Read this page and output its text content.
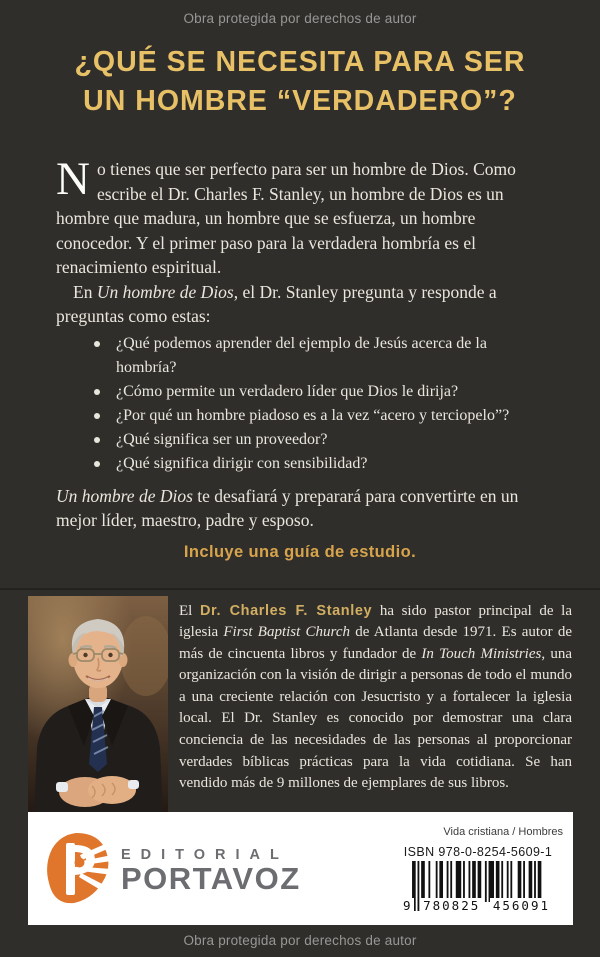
Obra protegida por derechos de autor
¿QUÉ SE NECESITA PARA SER
UN HOMBRE “VERDADERO”?

No tienes que ser perfecto para ser un hombre de Dios. Como escribe el Dr. Charles F. Stanley, un hombre de Dios es un hombre que madura, un hombre que se esfuerza, un hombre conocedor. Y el primer paso para la verdadera hombría es el renacimiento espiritual.

En Un hombre de Dios, el Dr. Stanley pregunta y responde a preguntas como estas:

¿Qué podemos aprender del ejemplo de Jesús acerca de la hombría?
¿Cómo permite un verdadero líder que Dios le dirija?
¿Por qué un hombre piadoso es a la vez “acero y terciopelo”?
¿Qué significa ser un proveedor?
¿Qué significa dirigir con sensibilidad?

Un hombre de Dios te desafiará y preparará para convertirte en un mejor líder, maestro, padre y esposo.

Incluye una guía de estudio.

El Dr. Charles F. Stanley ha sido pastor principal de la iglesia First Baptist Church de Atlanta desde 1971. Es autor de más de cincuenta libros y fundador de In Touch Ministries, una organización con la visión de dirigir a personas de todo el mundo a una creciente relación con Jesucristo y a fortalecer la iglesia local. El Dr. Stanley es conocido por demostrar una clara conciencia de las necesidades de las personas al proporcionar verdades bíblicas prácticas para la vida cotidiana. Se han vendido más de 9 millones de ejemplares de sus libros.

EDITORIAL
PORTAVOZ
Vida cristiana / Hombres
ISBN 978-0-8254-5609-1
9 780825 456091
Obra protegida por derechos de autor
